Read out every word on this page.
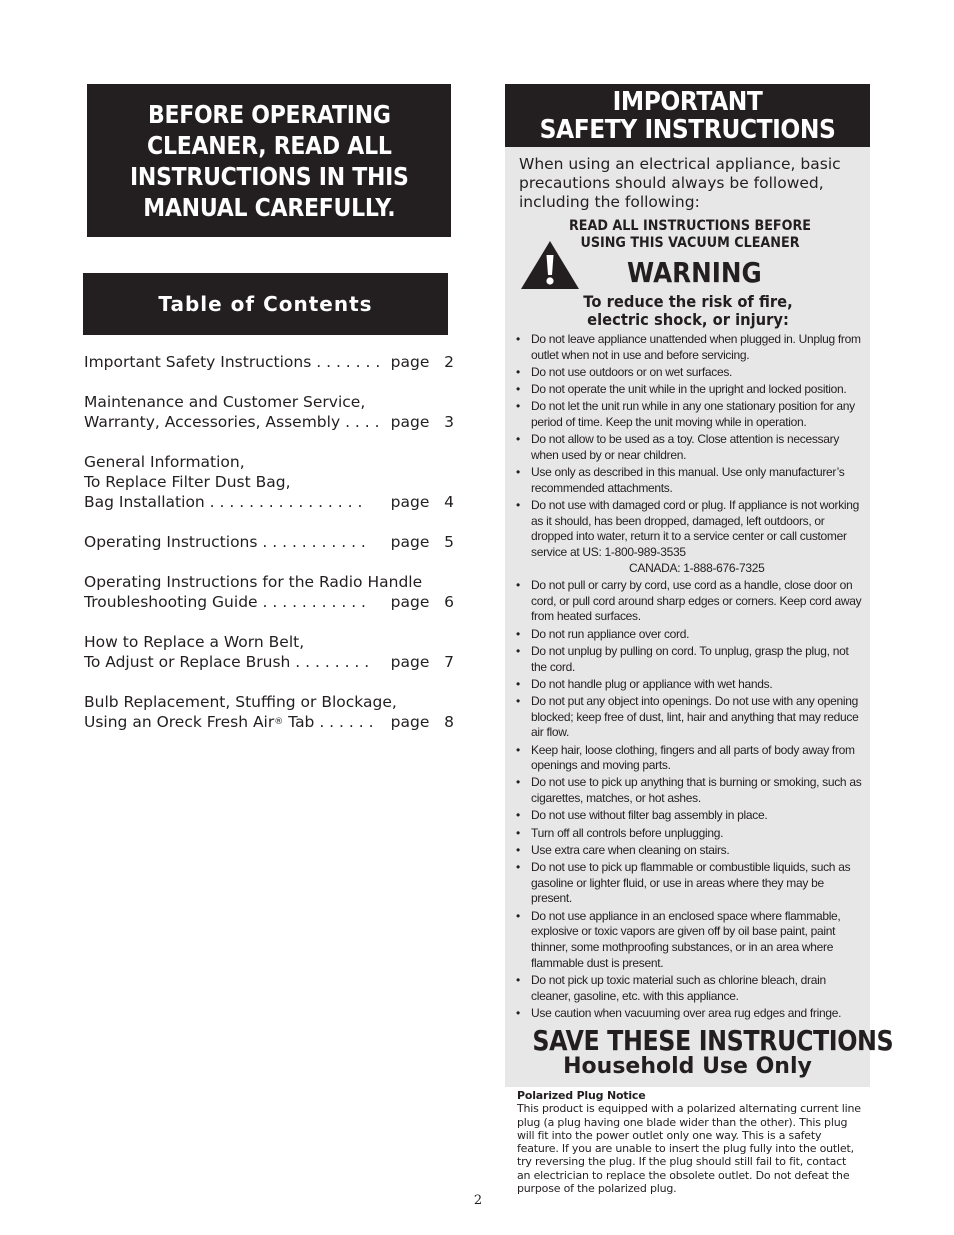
BEFORE OPERATING
CLEANER, READ ALL
INSTRUCTIONS IN THIS
MANUAL CAREFULLY.
Table of Contents
Important Safety Instructions . . . . . . . page   2
Maintenance and Customer Service,
Warranty, Accessories, Assembly . . . . page   3
General Information,
To Replace Filter Dust Bag,
Bag Installation . . . . . . . . . . . . . . . .	page   4
Operating Instructions . . . . . . . . . . .	page   5
Operating Instructions for the Radio Handle
Troubleshooting Guide . . . . . . . . . . .	page   6
How to Replace a Worn Belt,
To Adjust or Replace Brush . . . . . . . .	page   7
Bulb Replacement, Stuffing or Blockage,
Using an Oreck Fresh Air ® Tab . . . . . . page   8
IMPORTANT
SAFETY INSTRUCTIONS
When using an electrical appliance, basic precautions should always be followed, including the following:
READ ALL INSTRUCTIONS BEFORE
USING THIS VACUUM CLEANER
WARNING
To reduce the risk of fire,
electric shock, or injury:
• Do not leave appliance unattended when plugged in. Unplug from outlet when not in use and before servicing.
• Do not use outdoors or on wet surfaces.
• Do not operate the unit while in the upright and locked position.
• Do not let the unit run while in any one stationary position for any period of time. Keep the unit moving while in operation.
• Do not allow to be used as a toy. Close attention is necessary when used by or near children.
• Use only as described in this manual. Use only manufacturer’s recommended attachments.
• Do not use with damaged cord or plug. If appliance is not working as it should, has been dropped, damaged, left outdoors, or dropped into water, return it to a service center or call customer service at US: 1-800-989-3535
CANADA: 1-888-676-7325
• Do not pull or carry by cord, use cord as a handle, close door on cord, or pull cord around sharp edges or corners. Keep cord away from heated surfaces.
• Do not run appliance over cord.
• Do not unplug by pulling on cord. To unplug, grasp the plug, not the cord.
• Do not handle plug or appliance with wet hands.
• Do not put any object into openings. Do not use with any opening blocked; keep free of dust, lint, hair and anything that may reduce air flow.
• Keep hair, loose clothing, fingers and all parts of body away from openings and moving parts.
• Do not use to pick up anything that is burning or smoking, such as cigarettes, matches, or hot ashes.
• Do not use without filter bag assembly in place.
• Turn off all controls before unplugging.
• Use extra care when cleaning on stairs.
• Do not use to pick up flammable or combustible liquids, such as gasoline or lighter fluid, or use in areas where they may be present.
• Do not use appliance in an enclosed space where flammable, explosive or toxic vapors are given off by oil base paint, paint thinner, some mothproofing substances, or in an area where flammable dust is present.
• Do not pick up toxic material such as chlorine bleach, drain cleaner, gasoline, etc. with this appliance.
• Use caution when vacuuming over area rug edges and fringe.
SAVE THESE INSTRUCTIONS
Household Use Only
Polarized Plug Notice
This product is equipped with a polarized alternating current line plug (a plug having one blade wider than the other). This plug will fit into the power outlet only one way. This is a safety feature. If you are unable to insert the plug fully into the outlet, try reversing the plug. If the plug should still fail to fit, contact an electrician to replace the obsolete outlet. Do not defeat the purpose of the polarized plug.
2
